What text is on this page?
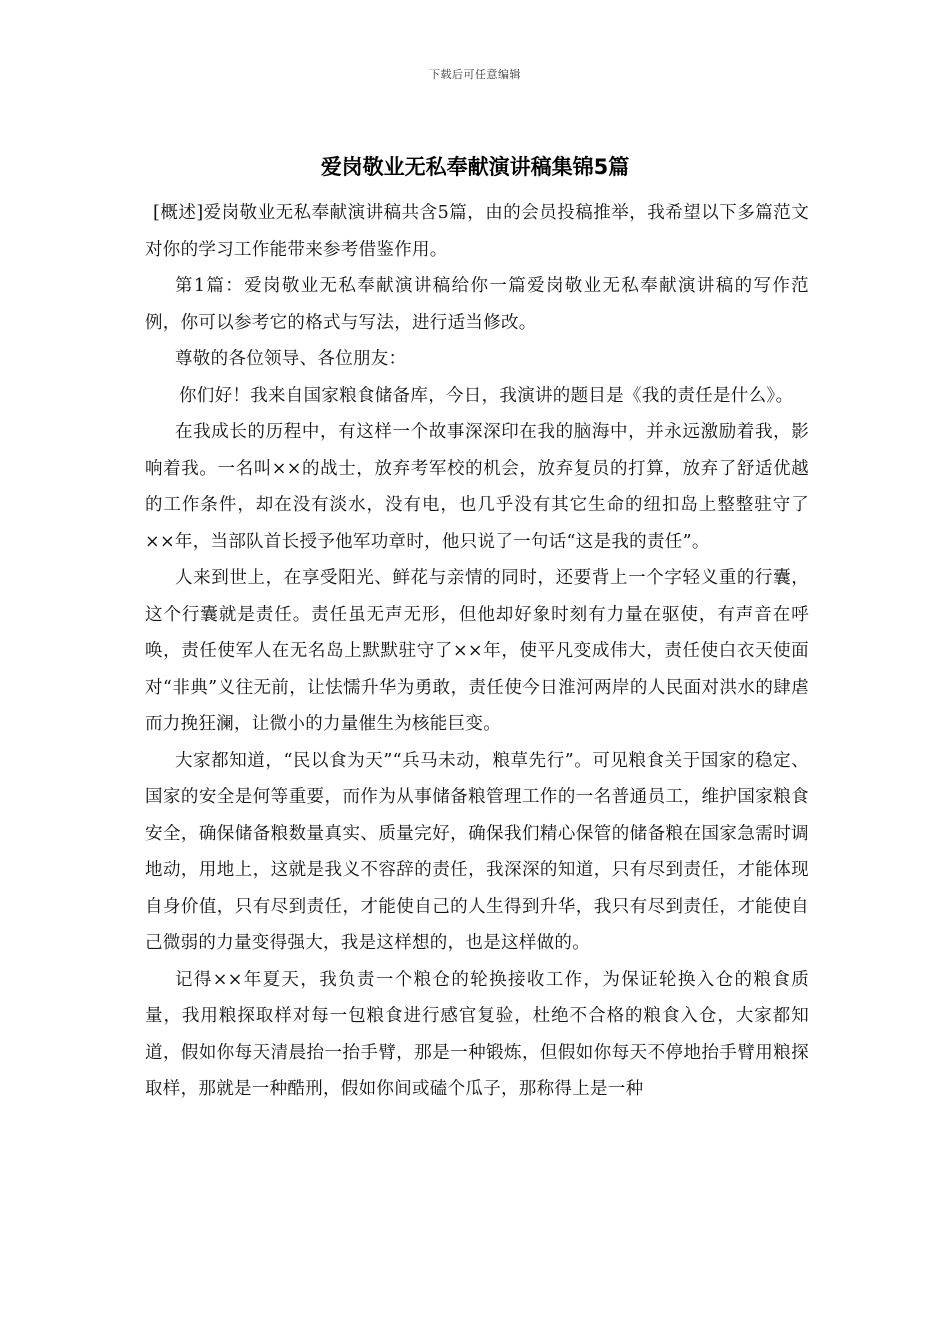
下载后可任意编辑
爱岗敬业无私奉献演讲稿集锦5篇

[概述]爱岗敬业无私奉献演讲稿共含5篇，由的会员投稿推举，我希望以下多篇范文对你的学习工作能带来参考借鉴作用。

第1篇：爱岗敬业无私奉献演讲稿给你一篇爱岗敬业无私奉献演讲稿的写作范例，你可以参考它的格式与写法，进行适当修改。

尊敬的各位领导、各位朋友：

你们好！我来自国家粮食储备库，今日，我演讲的题目是《我的责任是什么》。

在我成长的历程中，有这样一个故事深深印在我的脑海中，并永远激励着我，影响着我。一名叫××的战士，放弃考军校的机会，放弃复员的打算，放弃了舒适优越的工作条件，却在没有淡水，没有电，也几乎没有其它生命的纽扣岛上整整驻守了××年，当部队首长授予他军功章时，他只说了一句话“这是我的责任”。

人来到世上，在享受阳光、鲜花与亲情的同时，还要背上一个字轻义重的行囊，这个行囊就是责任。责任虽无声无形，但他却好象时刻有力量在驱使，有声音在呼唤，责任使军人在无名岛上默默驻守了××年，使平凡变成伟大，责任使白衣天使面对“非典”义往无前，让怯懦升华为勇敢，责任使今日淮河两岸的人民面对洪水的肆虐而力挽狂澜，让微小的力量催生为核能巨变。

大家都知道，“民以食为天”“兵马未动，粮草先行”。可见粮食关于国家的稳定、国家的安全是何等重要，而作为从事储备粮管理工作的一名普通员工，维护国家粮食安全，确保储备粮数量真实、质量完好，确保我们精心保管的储备粮在国家急需时调地动，用地上，这就是我义不容辞的责任，我深深的知道，只有尽到责任，才能体现自身价值，只有尽到责任，才能使自己的人生得到升华，我只有尽到责任，才能使自己微弱的力量变得强大，我是这样想的，也是这样做的。

记得××年夏天，我负责一个粮仓的轮换接收工作，为保证轮换入仓的粮食质量，我用粮探取样对每一包粮食进行感官复验，杜绝不合格的粮食入仓，大家都知道，假如你每天清晨抬一抬手臂，那是一种锻炼，但假如你每天不停地抬手臂用粮探取样，那就是一种酷刑，假如你间或磕个瓜子，那称得上是一种
